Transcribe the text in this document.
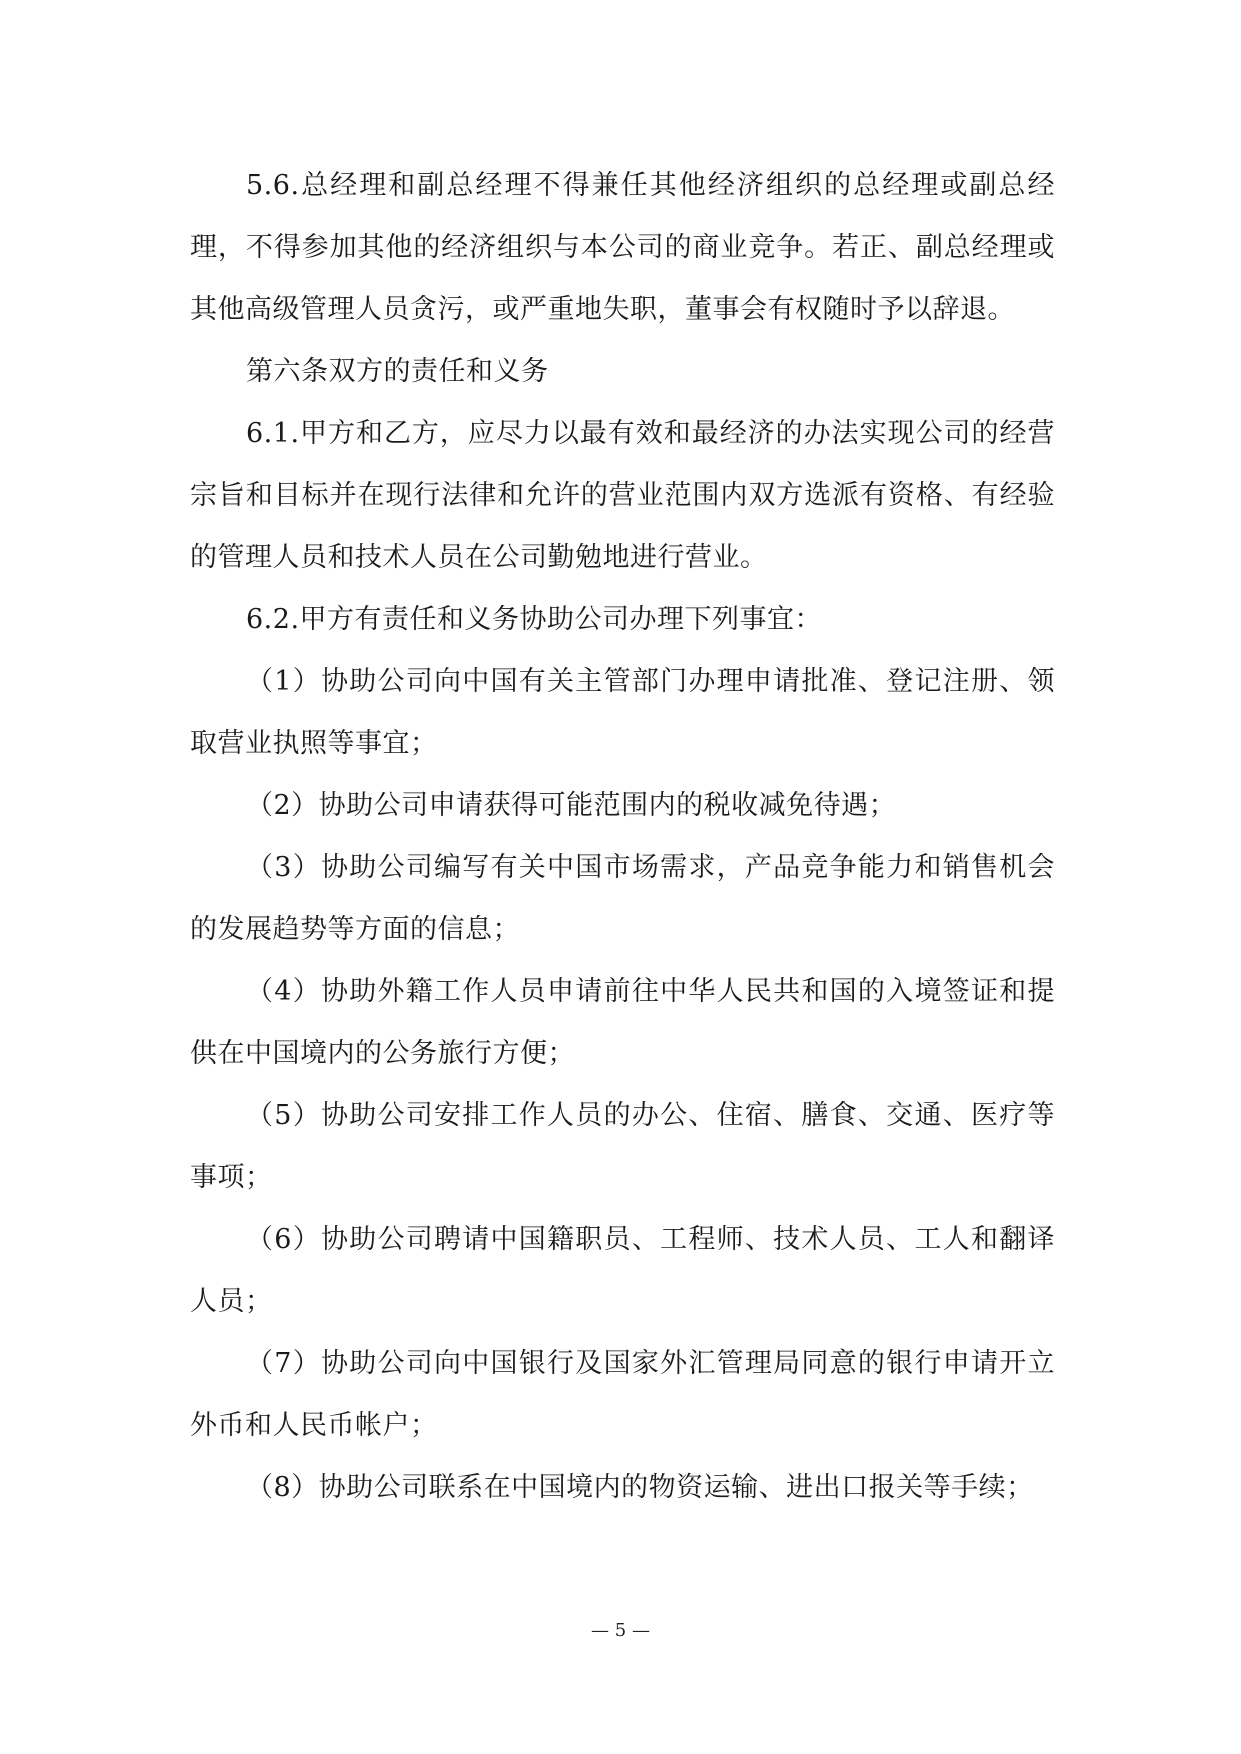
5.6.总经理和副总经理不得兼任其他经济组织的总经理或副总经理，不得参加其他的经济组织与本公司的商业竞争。若正、副总经理或其他高级管理人员贪污，或严重地失职，董事会有权随时予以辞退。

第六条双方的责任和义务

6.1.甲方和乙方，应尽力以最有效和最经济的办法实现公司的经营宗旨和目标并在现行法律和允许的营业范围内双方选派有资格、有经验的管理人员和技术人员在公司勤勉地进行营业。

6.2.甲方有责任和义务协助公司办理下列事宜：

（1）协助公司向中国有关主管部门办理申请批准、登记注册、领取营业执照等事宜；

（2）协助公司申请获得可能范围内的税收减免待遇；

（3）协助公司编写有关中国市场需求，产品竞争能力和销售机会的发展趋势等方面的信息；

（4）协助外籍工作人员申请前往中华人民共和国的入境签证和提供在中国境内的公务旅行方便；

（5）协助公司安排工作人员的办公、住宿、膳食、交通、医疗等事项；

（6）协助公司聘请中国籍职员、工程师、技术人员、工人和翻译人员；

（7）协助公司向中国银行及国家外汇管理局同意的银行申请开立外币和人民币帐户；

（8）协助公司联系在中国境内的物资运输、进出口报关等手续；

— 5 —
